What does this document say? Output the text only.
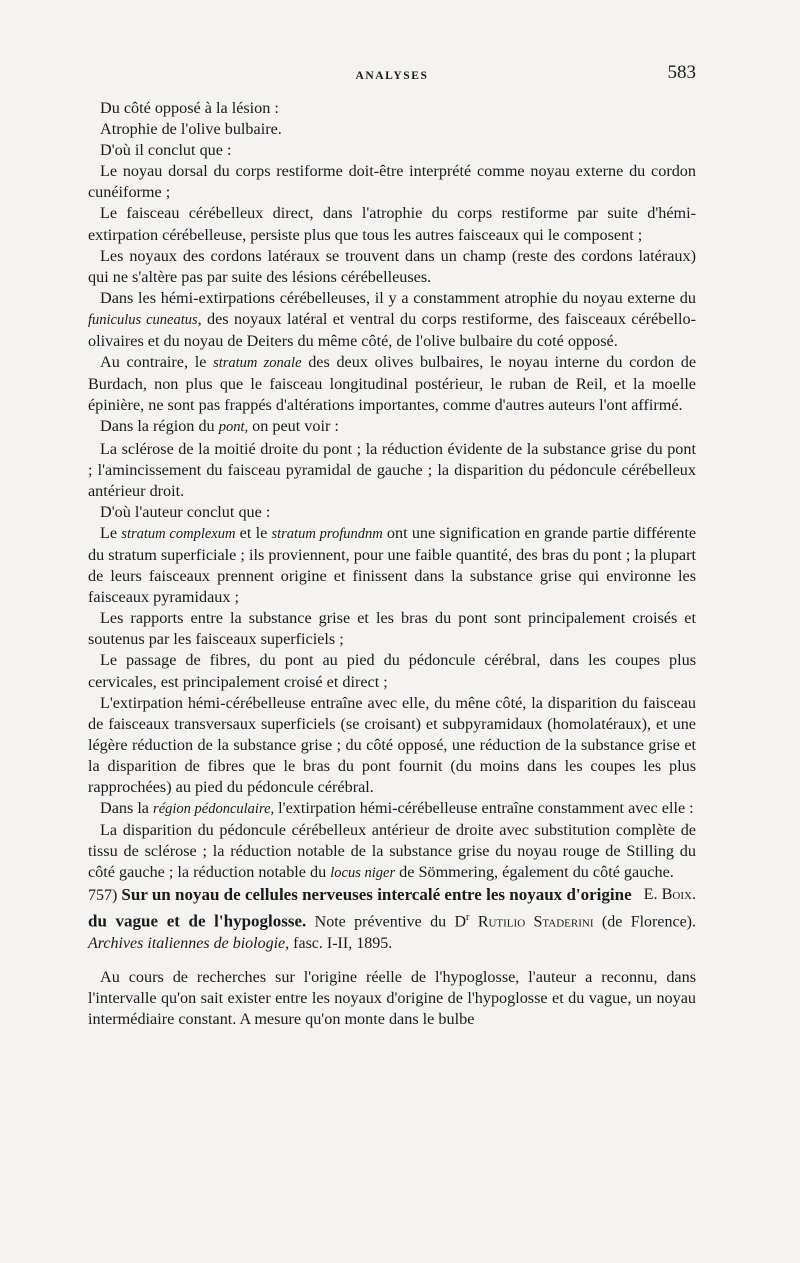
ANALYSES	583

Du côté opposé à la lésion :

Atrophie de l'olive bulbaire.

D'où il conclut que :

Le noyau dorsal du corps restiforme doit-être interprété comme noyau externe du cordon cunéiforme ;

Le faisceau cérébelleux direct, dans l'atrophie du corps restiforme par suite d'hémi-extirpation cérébelleuse, persiste plus que tous les autres faisceaux qui le composent ;

Les noyaux des cordons latéraux se trouvent dans un champ (reste des cordons latéraux) qui ne s'altère pas par suite des lésions cérébelleuses.

Dans les hémi-extirpations cérébelleuses, il y a constamment atrophie du noyau externe du funiculus cuneatus, des noyaux latéral et ventral du corps restiforme, des faisceaux cérébello-olivaires et du noyau de Deiters du même côté, de l'olive bulbaire du coté opposé.

Au contraire, le stratum zonale des deux olives bulbaires, le noyau interne du cordon de Burdach, non plus que le faisceau longitudinal postérieur, le ruban de Reil, et la moelle épinière, ne sont pas frappés d'altérations importantes, comme d'autres auteurs l'ont affirmé.

Dans la région du pont, on peut voir :

La sclérose de la moitié droite du pont ; la réduction évidente de la substance grise du pont ; l'amincissement du faisceau pyramidal de gauche ; la disparition du pédoncule cérébelleux antérieur droit.

D'où l'auteur conclut que :

Le stratum complexum et le stratum profundnm ont une signification en grande partie différente du stratum superficiale ; ils proviennent, pour une faible quantité, des bras du pont ; la plupart de leurs faisceaux prennent origine et finissent dans la substance grise qui environne les faisceaux pyramidaux ;

Les rapports entre la substance grise et les bras du pont sont principalement croisés et soutenus par les faisceaux superficiels ;

Le passage de fibres, du pont au pied du pédoncule cérébral, dans les coupes plus cervicales, est principalement croisé et direct ;

L'extirpation hémi-cérébelleuse entraîne avec elle, du mêne côté, la disparition du faisceau de faisceaux transversaux superficiels (se croisant) et subpyramidaux (homolatéraux), et une légère réduction de la substance grise ; du côté opposé, une réduction de la substance grise et la disparition de fibres que le bras du pont fournit (du moins dans les coupes les plus rapprochées) au pied du pédoncule cérébral.

Dans la région pédonculaire, l'extirpation hémi-cérébelleuse entraîne constamment avec elle :

La disparition du pédoncule cérébelleux antérieur de droite avec substitution complète de tissu de sclérose ; la réduction notable de la substance grise du noyau rouge de Stilling du côté gauche ; la réduction notable du locus niger de Sömmering, également du côté gauche.
E. Boix.

757) Sur un noyau de cellules nerveuses intercalé entre les noyaux d'origine du vague et de l'hypoglosse. Note préventive du $D^r$ Rutilio Staderini (de Florence). Archives italiennes de biologie, fasc. I-II, 1895.

Au cours de recherches sur l'origine réelle de l'hypoglosse, l'auteur a reconnu, dans l'intervalle qu'on sait exister entre les noyaux d'origine de l'hypoglosse et du vague, un noyau intermédiaire constant. A mesure qu'on monte dans le bulbe
